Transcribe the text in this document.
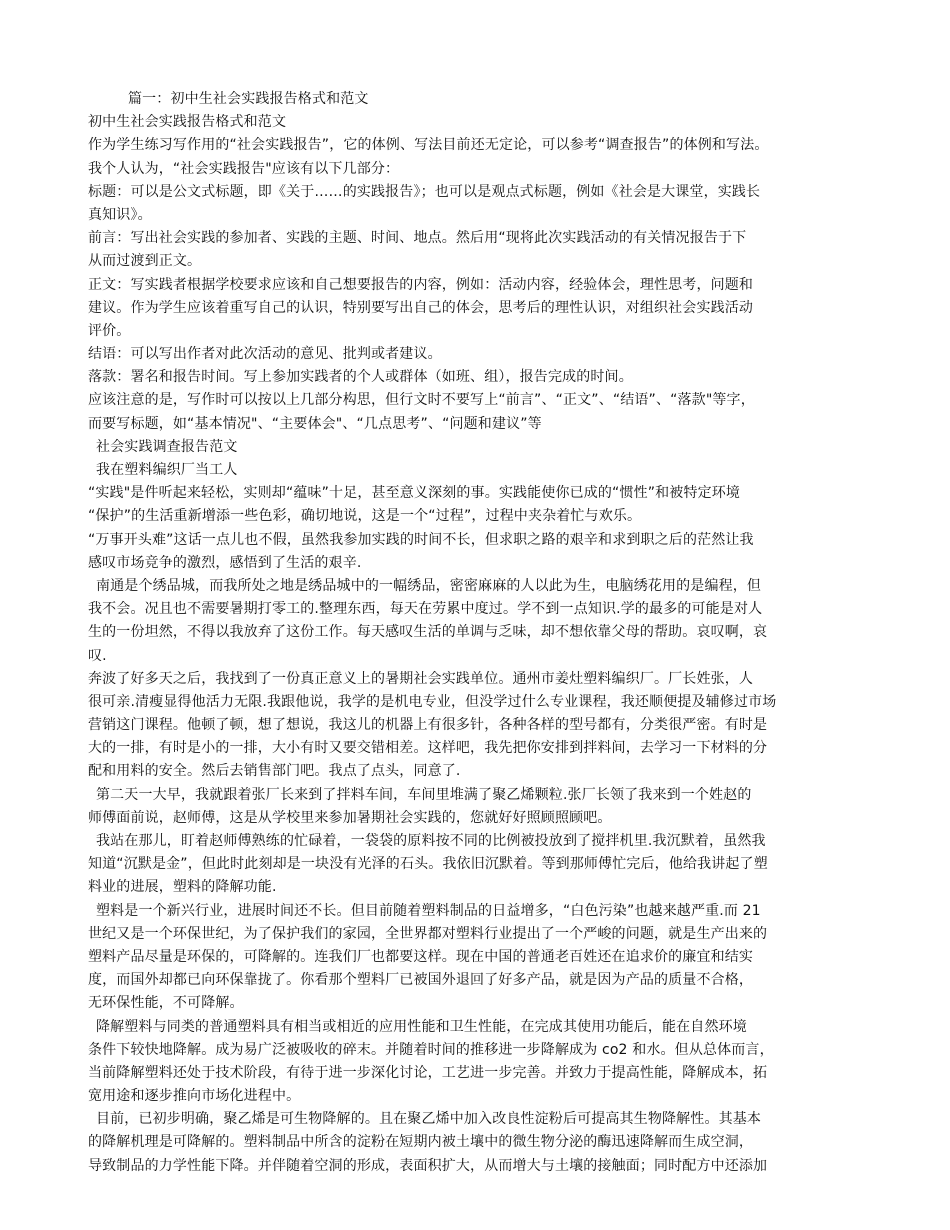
篇一：初中生社会实践报告格式和范文
初中生社会实践报告格式和范文
作为学生练习写作用的“社会实践报告”，它的体例、写法目前还无定论，可以参考“调查报告”的体例和写法。
我个人认为，“社会实践报告"应该有以下几部分：
标题：可以是公文式标题，即《关于……的实践报告》；也可以是观点式标题，例如《社会是大课堂，实践长
真知识》。
前言：写出社会实践的参加者、实践的主题、时间、地点。然后用“现将此次实践活动的有关情况报告于下
从而过渡到正文。
正文：写实践者根据学校要求应该和自己想要报告的内容，例如：活动内容，经验体会，理性思考，问题和
建议。作为学生应该着重写自己的认识，特别要写出自己的体会，思考后的理性认识，对组织社会实践活动
评价。
结语：可以写出作者对此次活动的意见、批判或者建议。
落款：署名和报告时间。写上参加实践者的个人或群体（如班、组），报告完成的时间。
应该注意的是，写作时可以按以上几部分构思，但行文时不要写上“前言”、“正文”、“结语”、“落款"等字，
而要写标题，如“基本情况"、“主要体会"、“几点思考”、“问题和建议”等
社会实践调查报告范文
我在塑料编织厂当工人
“实践"是件听起来轻松，实则却“蕴味”十足，甚至意义深刻的事。实践能使你已成的“惯性”和被特定环境
“保护”的生活重新增添一些色彩，确切地说，这是一个“过程”，过程中夹杂着忙与欢乐。
“万事开头难”这话一点儿也不假，虽然我参加实践的时间不长，但求职之路的艰辛和求到职之后的茫然让我
感叹市场竞争的激烈，感悟到了生活的艰辛.
南通是个绣品城，而我所处之地是绣品城中的一幅绣品，密密麻麻的人以此为生，电脑绣花用的是编程，但
我不会。况且也不需要暑期打零工的.整理东西，每天在劳累中度过。学不到一点知识.学的最多的可能是对人
生的一份坦然，不得以我放弃了这份工作。每天感叹生活的单调与乏味，却不想依靠父母的帮助。哀叹啊，哀
叹.
奔波了好多天之后，我找到了一份真正意义上的暑期社会实践单位。通州市姜灶塑料编织厂。厂长姓张，人
很可亲.清瘦显得他活力无限.我跟他说，我学的是机电专业，但没学过什么专业课程，我还顺便提及辅修过市场
营销这门课程。他顿了顿，想了想说，我这儿的机器上有很多针，各种各样的型号都有，分类很严密。有时是
大的一排，有时是小的一排，大小有时又要交错相差。这样吧，我先把你安排到拌料间，去学习一下材料的分
配和用料的安全。然后去销售部门吧。我点了点头，同意了.
第二天一大早，我就跟着张厂长来到了拌料车间，车间里堆满了聚乙烯颗粒.张厂长领了我来到一个姓赵的
师傅面前说，赵师傅，这是从学校里来参加暑期社会实践的，您就好好照顾照顾吧。
我站在那儿，盯着赵师傅熟练的忙碌着，一袋袋的原料按不同的比例被投放到了搅拌机里.我沉默着，虽然我
知道“沉默是金”，但此时此刻却是一块没有光泽的石头。我依旧沉默着。等到那师傅忙完后，他给我讲起了塑
料业的进展，塑料的降解功能.
塑料是一个新兴行业，进展时间还不长。但目前随着塑料制品的日益增多，“白色污染”也越来越严重.而 21
世纪又是一个环保世纪，为了保护我们的家园，全世界都对塑料行业提出了一个严峻的问题，就是生产出来的
塑料产品尽量是环保的，可降解的。连我们厂也都要这样。现在中国的普通老百姓还在追求价的廉宜和结实
度，而国外却都已向环保靠拢了。你看那个塑料厂已被国外退回了好多产品，就是因为产品的质量不合格，
无环保性能，不可降解。
降解塑料与同类的普通塑料具有相当或相近的应用性能和卫生性能，在完成其使用功能后，能在自然环境
条件下较快地降解。成为易广泛被吸收的碎末。并随着时间的推移进一步降解成为 co2 和水。但从总体而言，
当前降解塑料还处于技术阶段，有待于进一步深化讨论，工艺进一步完善。并致力于提高性能，降解成本，拓
宽用途和逐步推向市场化进程中。
目前，已初步明确，聚乙烯是可生物降解的。且在聚乙烯中加入改良性淀粉后可提高其生物降解性。其基本
的降解机理是可降解的。塑料制品中所含的淀粉在短期内被土壤中的微生物分泌的酶迅速降解而生成空洞，
导致制品的力学性能下降。并伴随着空洞的形成，表面积扩大，从而增大与土壤的接触面；同时配方中还添加
